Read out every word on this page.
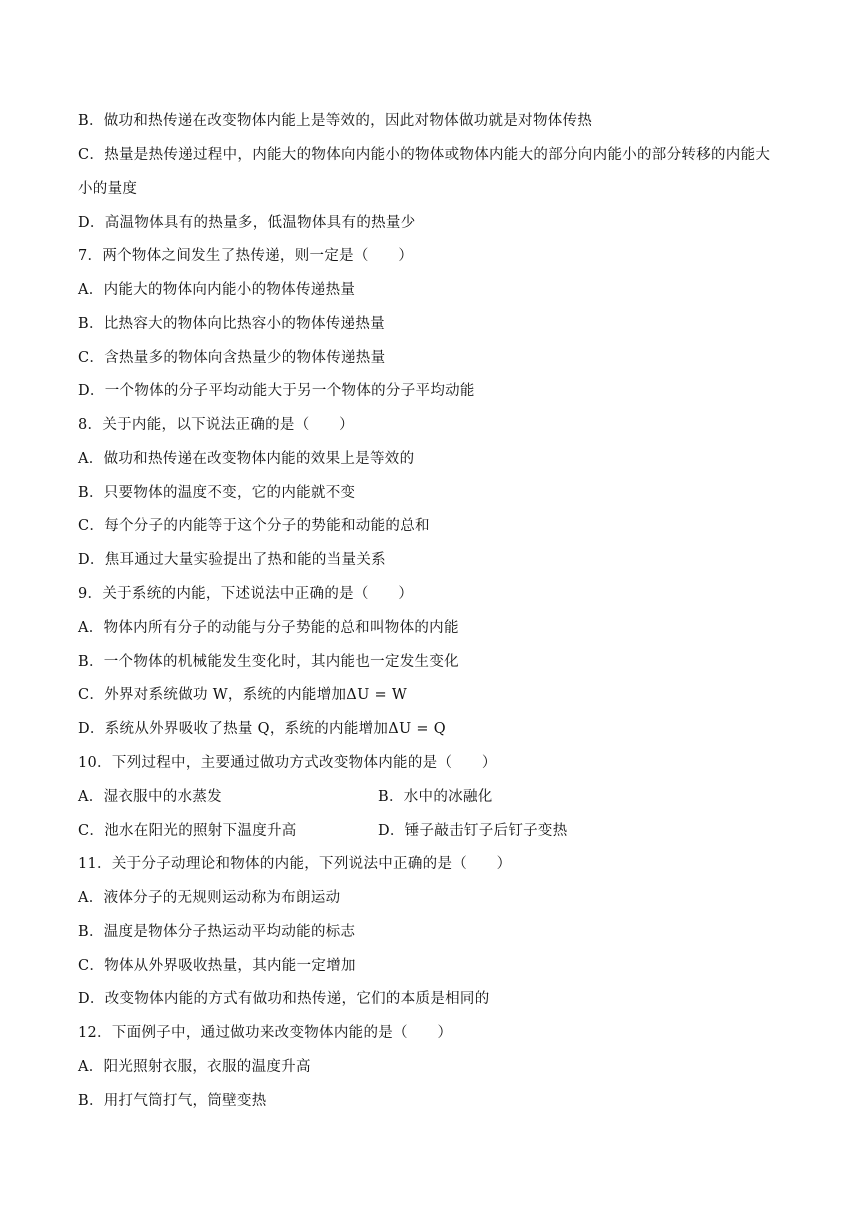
B．做功和热传递在改变物体内能上是等效的，因此对物体做功就是对物体传热
C．热量是热传递过程中，内能大的物体向内能小的物体或物体内能大的部分向内能小的部分转移的内能大
小的量度
D．高温物体具有的热量多，低温物体具有的热量少
7．两个物体之间发生了热传递，则一定是（　　）
A．内能大的物体向内能小的物体传递热量
B．比热容大的物体向比热容小的物体传递热量
C．含热量多的物体向含热量少的物体传递热量
D．一个物体的分子平均动能大于另一个物体的分子平均动能
8．关于内能，以下说法正确的是（　　）
A．做功和热传递在改变物体内能的效果上是等效的
B．只要物体的温度不变，它的内能就不变
C．每个分子的内能等于这个分子的势能和动能的总和
D．焦耳通过大量实验提出了热和能的当量关系
9．关于系统的内能，下述说法中正确的是（　　）
A．物体内所有分子的动能与分子势能的总和叫物体的内能
B．一个物体的机械能发生变化时，其内能也一定发生变化
C．外界对系统做功 W，系统的内能增加ΔU = W
D．系统从外界吸收了热量 Q，系统的内能增加ΔU = Q
10．下列过程中，主要通过做功方式改变物体内能的是（　　）
A．湿衣服中的水蒸发	B．水中的冰融化
C．池水在阳光的照射下温度升高	D．锤子敲击钉子后钉子变热
11．关于分子动理论和物体的内能，下列说法中正确的是（　　）
A．液体分子的无规则运动称为布朗运动
B．温度是物体分子热运动平均动能的标志
C．物体从外界吸收热量，其内能一定增加
D．改变物体内能的方式有做功和热传递，它们的本质是相同的
12．下面例子中，通过做功来改变物体内能的是（　　）
A．阳光照射衣服，衣服的温度升高
B．用打气筒打气，筒壁变热
